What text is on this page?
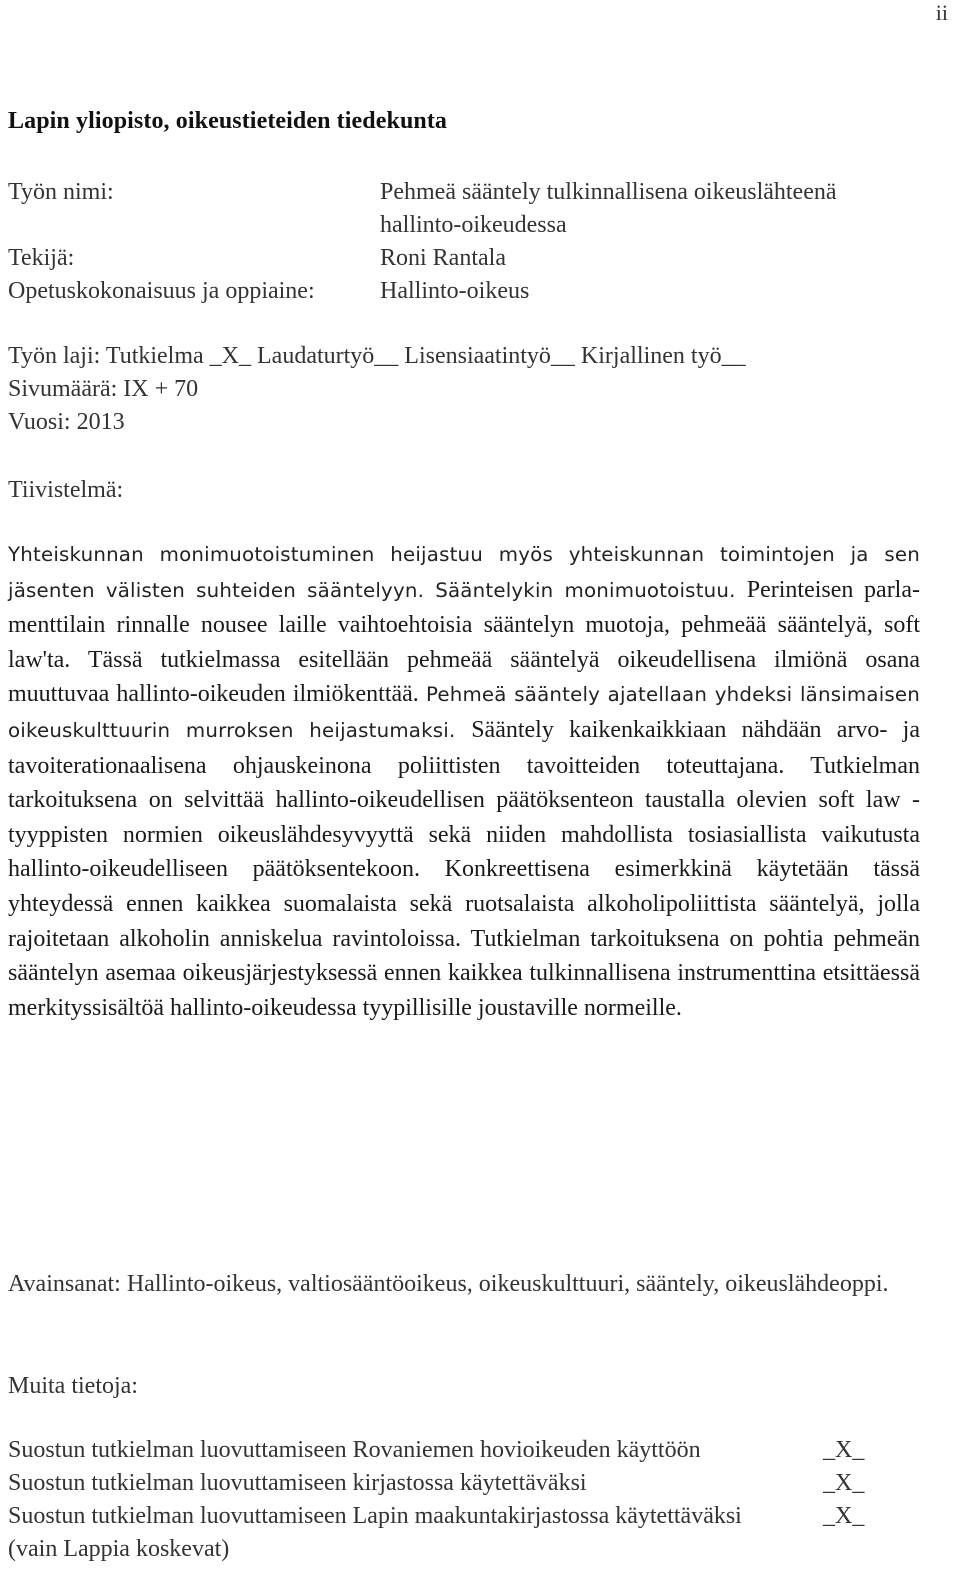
ii
Lapin yliopisto, oikeustieteiden tiedekunta
Työn nimi:	Pehmeä sääntely tulkinnallisena oikeuslähteenä
hallinto-oikeudessa
Tekijä:	Roni Rantala
Opetuskokonaisuus ja oppiaine:	Hallinto-oikeus
Työn laji: Tutkielma _X_ Laudaturtyö__ Lisensiaatintyö__ Kirjallinen työ__
Sivumäärä: IX + 70
Vuosi: 2013
Tiivistelmä:
Yhteiskunnan monimuotoistuminen heijastuu myös yhteiskunnan toimintojen ja sen jäsenten välisten suhteiden sääntelyyn. Sääntelykin monimuotoistuu. Perinteisen parlamenttilain rinnalle nousee laille vaihtoehtoisia sääntelyn muotoja, pehmeää sääntelyä, soft law'ta. Tässä tutkielmassa esitellään pehmeää sääntelyä oikeudellisena ilmiönä osana muuttuvaa hallinto-oikeuden ilmiökenttää. Pehmeä sääntely ajatellaan yhdeksi länsimaisen oikeuskulttuurin murroksen heijastumaksi. Sääntely kaikenkaikkiaan nähdään arvo- ja tavoiterationaalisena ohjauskeinona poliittisten tavoitteiden toteuttajana. Tutkielman tarkoituksena on selvittää hallinto-oikeudellisen päätöksenteon taustalla olevien soft law -tyyppisten normien oikeuslähdesyvyyttä sekä niiden mahdollista tosiasiallista vaikutusta hallinto-oikeudelliseen päätöksentekoon. Konkreettisena esimerkkinä käytetään tässä yhteydessä ennen kaikkea suomalaista sekä ruotsalaista alkoholipoliittista sääntelyä, jolla rajoitetaan alkoholin anniskelua ravintoloissa. Tutkielman tarkoituksena on pohtia pehmeän sääntelyn asemaa oikeusjärjestyksessä ennen kaikkea tulkinnallisena instrumenttina etsittäessä merkityssisältöä hallinto-oikeudessa tyypillisille joustaville normeille.
Avainsanat: Hallinto-oikeus, valtiosääntöoikeus, oikeuskulttuuri, sääntely, oikeuslähdeoppi.
Muita tietoja:
Suostun tutkielman luovuttamiseen Rovaniemen hovioikeuden käyttöön	_X_
Suostun tutkielman luovuttamiseen kirjastossa käytettäväksi	_X_
Suostun tutkielman luovuttamiseen Lapin maakuntakirjastossa käytettäväksi	_X_
(vain Lappia koskevat)
